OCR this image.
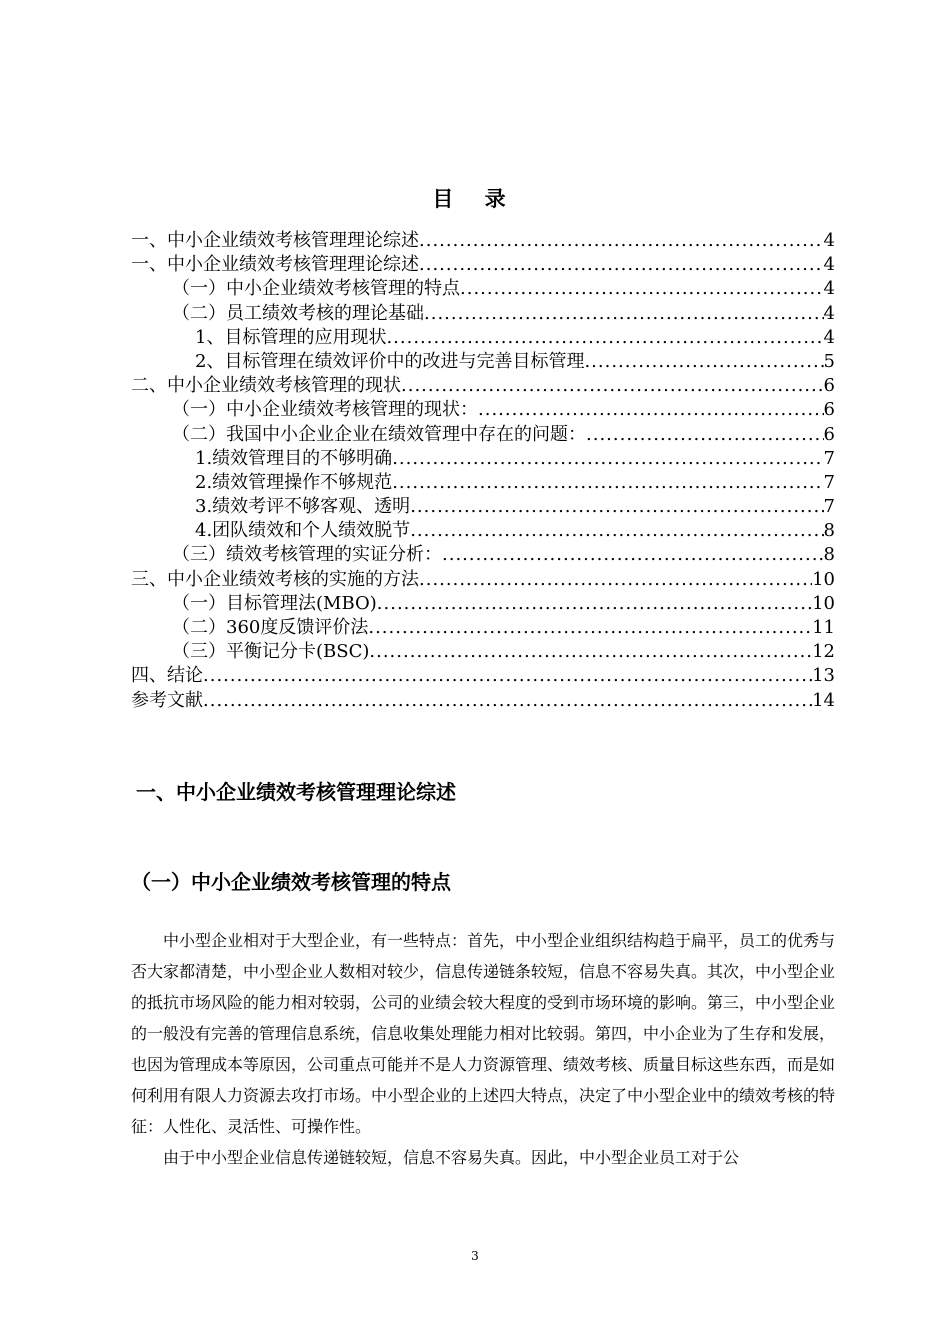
目 录
一、中小企业绩效考核管理理论综述 .....	4
一、中小企业绩效考核管理理论综述 .....	4
（一）中小企业绩效考核管理的特点 .....	4
（二）员工绩效考核的理论基础 .....	4
1、目标管理的应用现状 .....	4
2、目标管理在绩效评价中的改进与完善目标管理 .....	5
二、中小企业绩效考核管理的现状 .....	6
（一）中小企业绩效考核管理的现状： .....	6
（二）我国中小企业企业在绩效管理中存在的问题： .....	6
1.绩效管理目的不够明确 .....	7
2.绩效管理操作不够规范 .....	7
3.绩效考评不够客观、透明 .....	7
4.团队绩效和个人绩效脱节 .....	8
（三）绩效考核管理的实证分析： .....	8
三、中小企业绩效考核的实施的方法 .....	10
（一）目标管理法(MBO) .....	10
（二）360度反馈评价法 .....	11
（三）平衡记分卡(BSC) .....	12
四、结论 .....	13
参考文献 .....	14
一、中小企业绩效考核管理理论综述
（一）中小企业绩效考核管理的特点

中小型企业相对于大型企业，有一些特点：首先，中小型企业组织结构趋于扁平，员工的优秀与否大家都清楚，中小型企业人数相对较少，信息传递链条较短，信息不容易失真。其次，中小型企业的抵抗市场风险的能力相对较弱，公司的业绩会较大程度的受到市场环境的影响。第三，中小型企业的一般没有完善的管理信息系统，信息收集处理能力相对比较弱。第四，中小企业为了生存和发展，也因为管理成本等原因，公司重点可能并不是人力资源管理、绩效考核、质量目标这些东西，而是如何利用有限人力资源去攻打市场。中小型企业的上述四大特点，决定了中小型企业中的绩效考核的特征：人性化、灵活性、可操作性。

由于中小型企业信息传递链较短，信息不容易失真。因此，中小型企业员工对于公

3
